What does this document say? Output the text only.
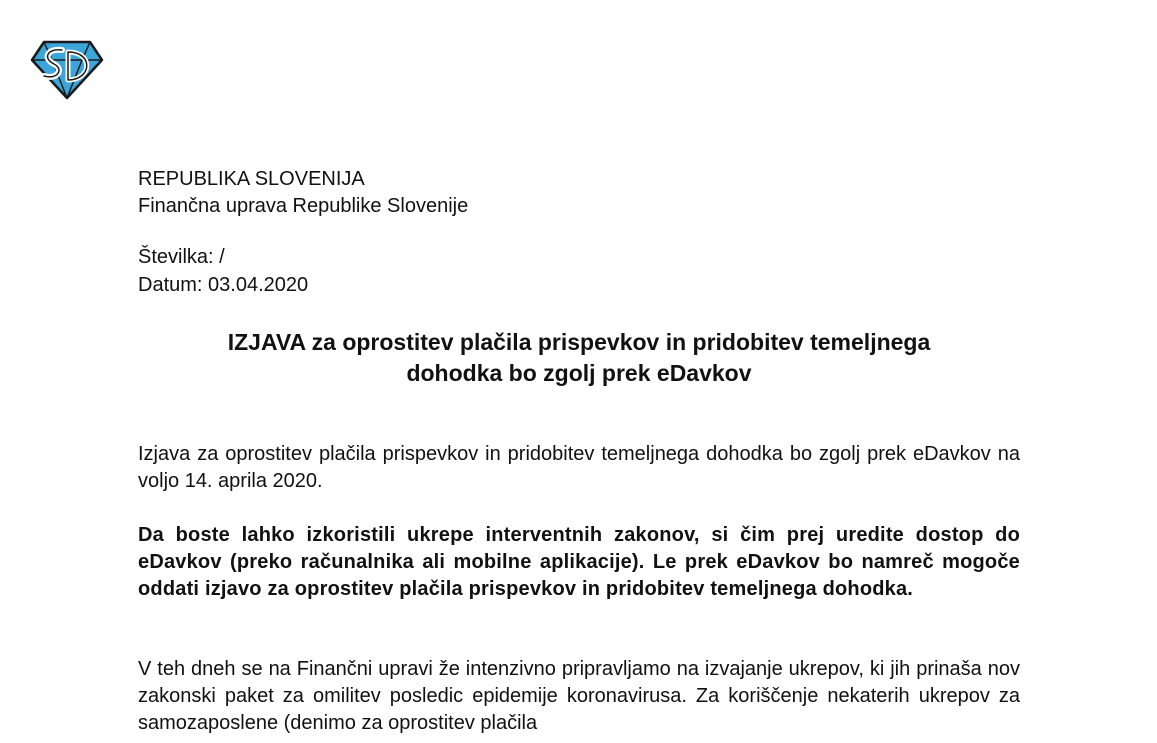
REPUBLIKA SLOVENIJA
Finančna uprava Republike Slovenije
Številka: /
Datum: 03.04.2020
IZJAVA za oprostitev plačila prispevkov in pridobitev temeljnega
dohodka bo zgolj prek eDavkov

Izjava za oprostitev plačila prispevkov in pridobitev temeljnega dohodka bo zgolj prek eDavkov na voljo 14. aprila 2020.

Da boste lahko izkoristili ukrepe interventnih zakonov, si čim prej uredite dostop do eDavkov (preko računalnika ali mobilne aplikacije). Le prek eDavkov bo namreč mogoče oddati izjavo za oprostitev plačila prispevkov in pridobitev temeljnega dohodka.

V teh dneh se na Finančni upravi že intenzivno pripravljamo na izvajanje ukrepov, ki jih prinaša nov zakonski paket za omilitev posledic epidemije koronavirusa. Za koriščenje nekaterih ukrepov za samozaposlene (denimo za oprostitev plačila
